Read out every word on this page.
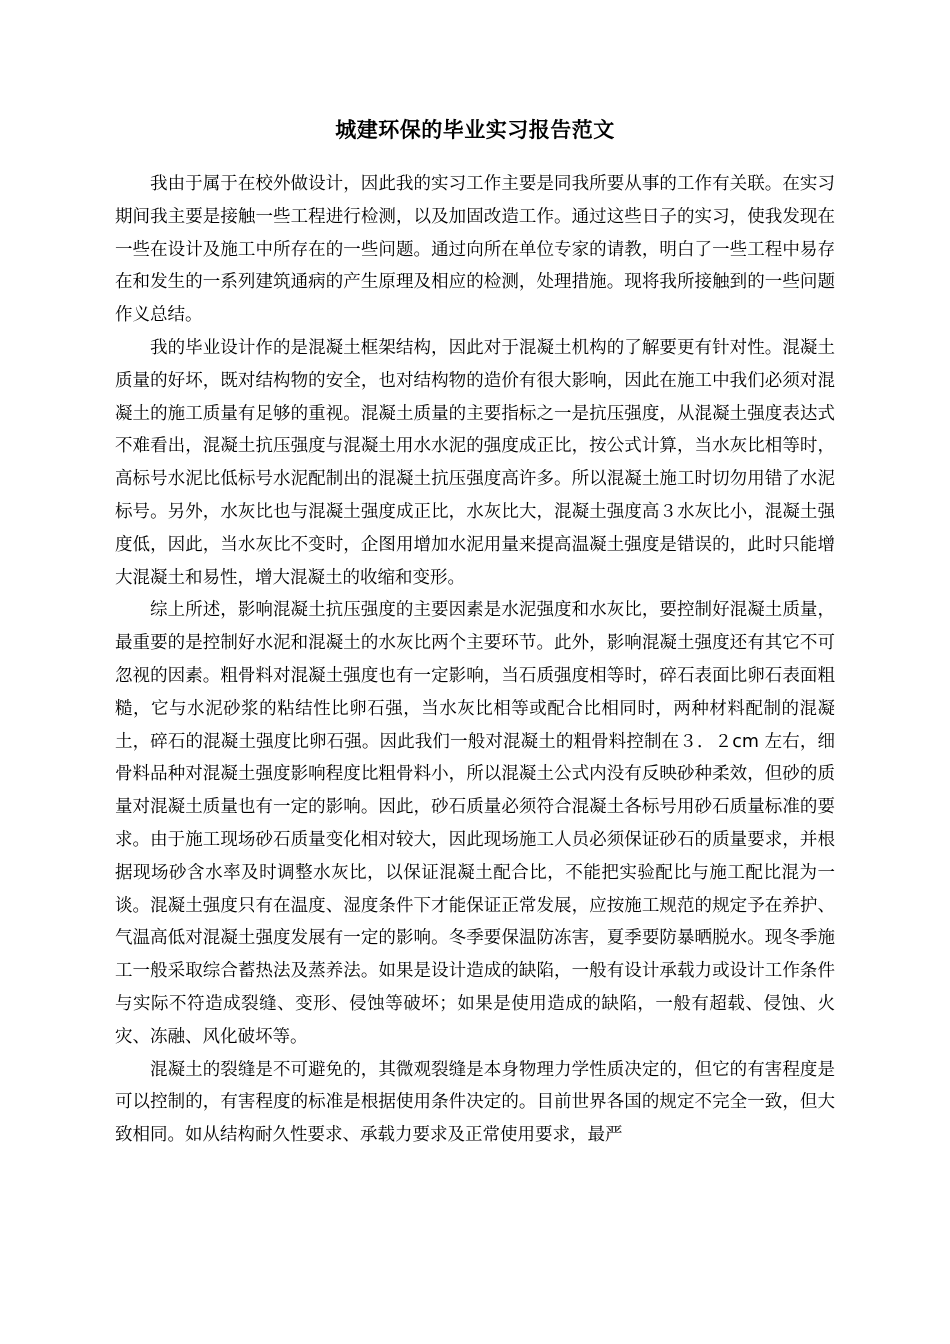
城建环保的毕业实习报告范文

我由于属于在校外做设计，因此我的实习工作主要是同我所要从事的工作有关联。在实习期间我主要是接触一些工程进行检测，以及加固改造工作。通过这些日子的实习，使我发现在一些在设计及施工中所存在的一些问题。通过向所在单位专家的请教，明白了一些工程中易存在和发生的一系列建筑通病的产生原理及相应的检测，处理措施。现将我所接触到的一些问题作义总结。

我的毕业设计作的是混凝土框架结构，因此对于混凝土机构的了解要更有针对性。混凝土质量的好坏，既对结构物的安全，也对结构物的造价有很大影响，因此在施工中我们必须对混凝土的施工质量有足够的重视。混凝土质量的主要指标之一是抗压强度，从混凝土强度表达式不难看出，混凝土抗压强度与混凝土用水水泥的强度成正比，按公式计算，当水灰比相等时，高标号水泥比低标号水泥配制出的混凝土抗压强度高许多。所以混凝土施工时切勿用错了水泥标号。另外，水灰比也与混凝土强度成正比，水灰比大，混凝土强度高３水灰比小，混凝土强度低，因此，当水灰比不变时，企图用增加水泥用量来提高温凝土强度是错误的，此时只能增大混凝土和易性，增大混凝土的收缩和变形。

综上所述，影响混凝土抗压强度的主要因素是水泥强度和水灰比，要控制好混凝土质量，最重要的是控制好水泥和混凝土的水灰比两个主要环节。此外，影响混凝土强度还有其它不可忽视的因素。粗骨料对混凝土强度也有一定影响，当石质强度相等时，碎石表面比卵石表面粗糙，它与水泥砂浆的粘结性比卵石强，当水灰比相等或配合比相同时，两种材料配制的混凝土，碎石的混凝土强度比卵石强。因此我们一般对混凝土的粗骨料控制在３．２cm 左右，细骨料品种对混凝土强度影响程度比粗骨料小，所以混凝土公式内没有反映砂种柔效，但砂的质量对混凝土质量也有一定的影响。因此，砂石质量必须符合混凝土各标号用砂石质量标准的要求。由于施工现场砂石质量变化相对较大，因此现场施工人员必须保证砂石的质量要求，并根据现场砂含水率及时调整水灰比，以保证混凝土配合比，不能把实验配比与施工配比混为一谈。混凝土强度只有在温度、湿度条件下才能保证正常发展，应按施工规范的规定予在养护、气温高低对混凝土强度发展有一定的影响。冬季要保温防冻害，夏季要防暴晒脱水。现冬季施工一般采取综合蓄热法及蒸养法。如果是设计造成的缺陷，一般有设计承载力或设计工作条件与实际不符造成裂缝、变形、侵蚀等破坏；如果是使用造成的缺陷，一般有超载、侵蚀、火灾、冻融、风化破坏等。

混凝土的裂缝是不可避免的，其微观裂缝是本身物理力学性质决定的，但它的有害程度是可以控制的，有害程度的标准是根据使用条件决定的。目前世界各国的规定不完全一致，但大致相同。如从结构耐久性要求、承载力要求及正常使用要求，最严
